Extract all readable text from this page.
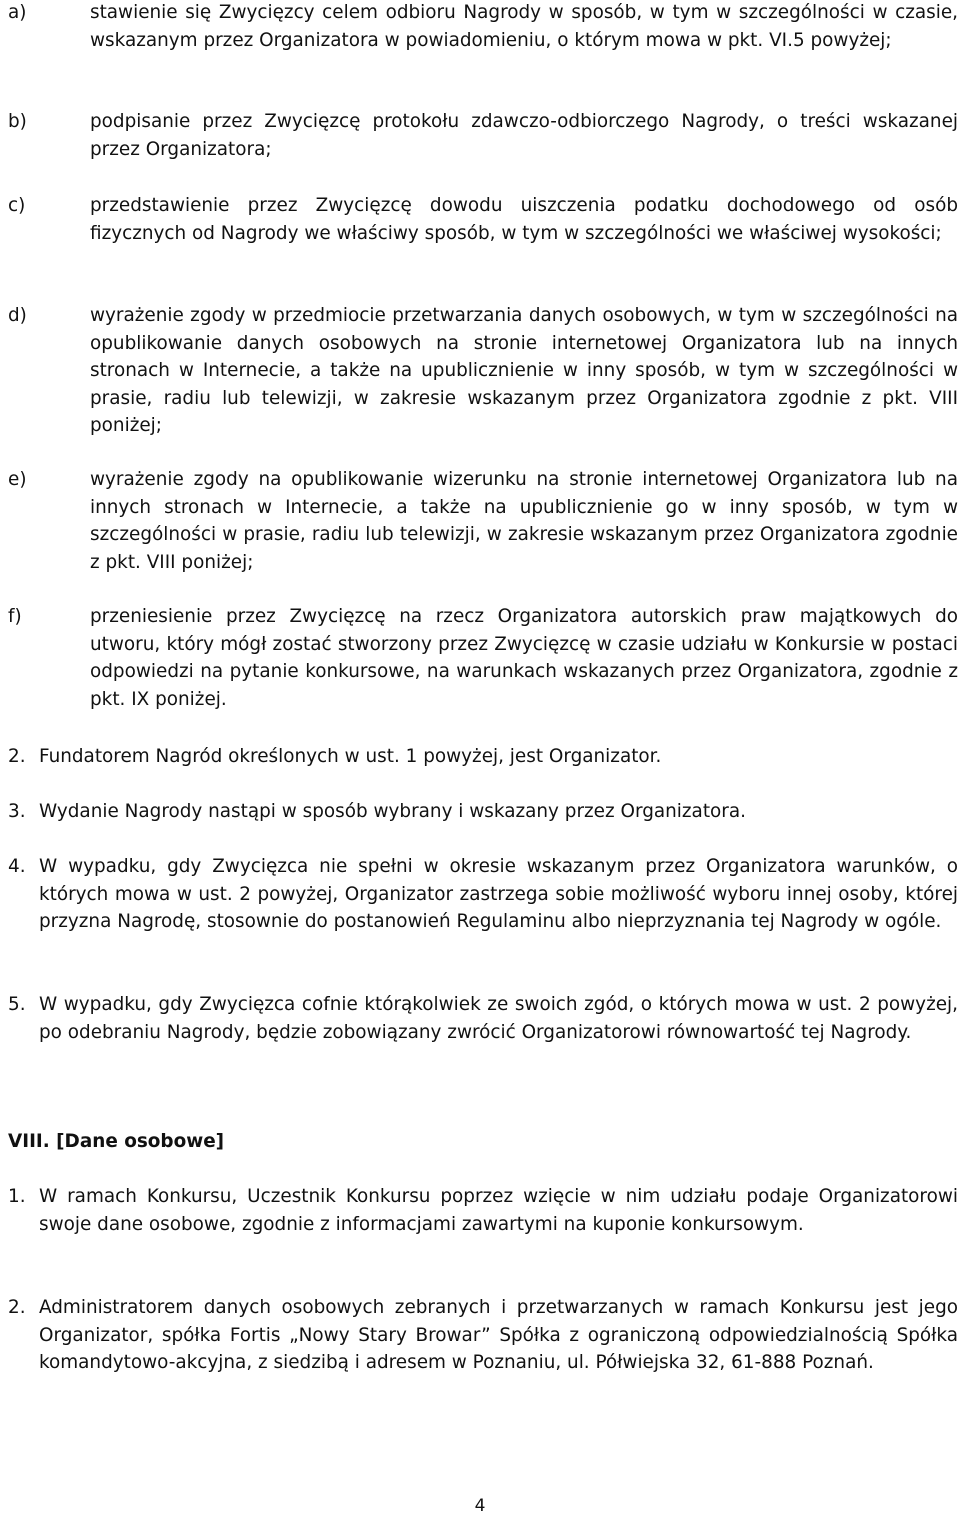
a)	stawienie się Zwycięzcy celem odbioru Nagrody w sposób, w tym w szczególności w czasie, wskazanym przez Organizatora w powiadomieniu, o którym mowa w pkt. VI.5 powyżej;
b)	podpisanie przez Zwycięzcę protokołu zdawczo-odbiorczego Nagrody, o treści wskazanej przez Organizatora;
c)	przedstawienie przez Zwycięzcę dowodu uiszczenia podatku dochodowego od osób fizycznych od Nagrody we właściwy sposób, w tym w szczególności we właściwej wysokości;
d)	wyrażenie zgody w przedmiocie przetwarzania danych osobowych, w tym w szczególności na opublikowanie danych osobowych na stronie internetowej Organizatora lub na innych stronach w Internecie, a także na upublicznienie w inny sposób, w tym w szczególności w prasie, radiu lub telewizji, w zakresie wskazanym przez Organizatora zgodnie z pkt. VIII poniżej;
e)	wyrażenie zgody na opublikowanie wizerunku na stronie internetowej Organizatora lub na innych stronach w Internecie, a także na upublicznienie go w inny sposób, w tym w szczególności w prasie, radiu lub telewizji, w zakresie wskazanym przez Organizatora zgodnie z pkt. VIII poniżej;
f)	przeniesienie przez Zwycięzcę na rzecz Organizatora autorskich praw majątkowych do utworu, który mógł zostać stworzony przez Zwycięzcę w czasie udziału w Konkursie w postaci odpowiedzi na pytanie konkursowe, na warunkach wskazanych przez Organizatora, zgodnie z pkt. IX poniżej.
2. Fundatorem Nagród określonych w ust. 1 powyżej, jest Organizator.
3. Wydanie Nagrody nastąpi w sposób wybrany i wskazany przez Organizatora.
4. W wypadku, gdy Zwycięzca nie spełni w okresie wskazanym przez Organizatora warunków, o których mowa w ust. 2 powyżej, Organizator zastrzega sobie możliwość wyboru innej osoby, której przyzna Nagrodę, stosownie do postanowień Regulaminu albo nieprzyznania tej Nagrody w ogóle.
5. W wypadku, gdy Zwycięzca cofnie którąkolwiek ze swoich zgód, o których mowa w ust. 2 powyżej, po odebraniu Nagrody, będzie zobowiązany zwrócić Organizatorowi równowartość tej Nagrody.
VIII. [Dane osobowe]
1. W ramach Konkursu, Uczestnik Konkursu poprzez wzięcie w nim udziału podaje Organizatorowi swoje dane osobowe, zgodnie z informacjami zawartymi na kuponie konkursowym.
2. Administratorem danych osobowych zebranych i przetwarzanych w ramach Konkursu jest jego Organizator, spółka Fortis „Nowy Stary Browar” Spółka z ograniczoną odpowiedzialnością Spółka komandytowo-akcyjna, z siedzibą i adresem w Poznaniu, ul. Półwiejska 32, 61-888 Poznań.
4
